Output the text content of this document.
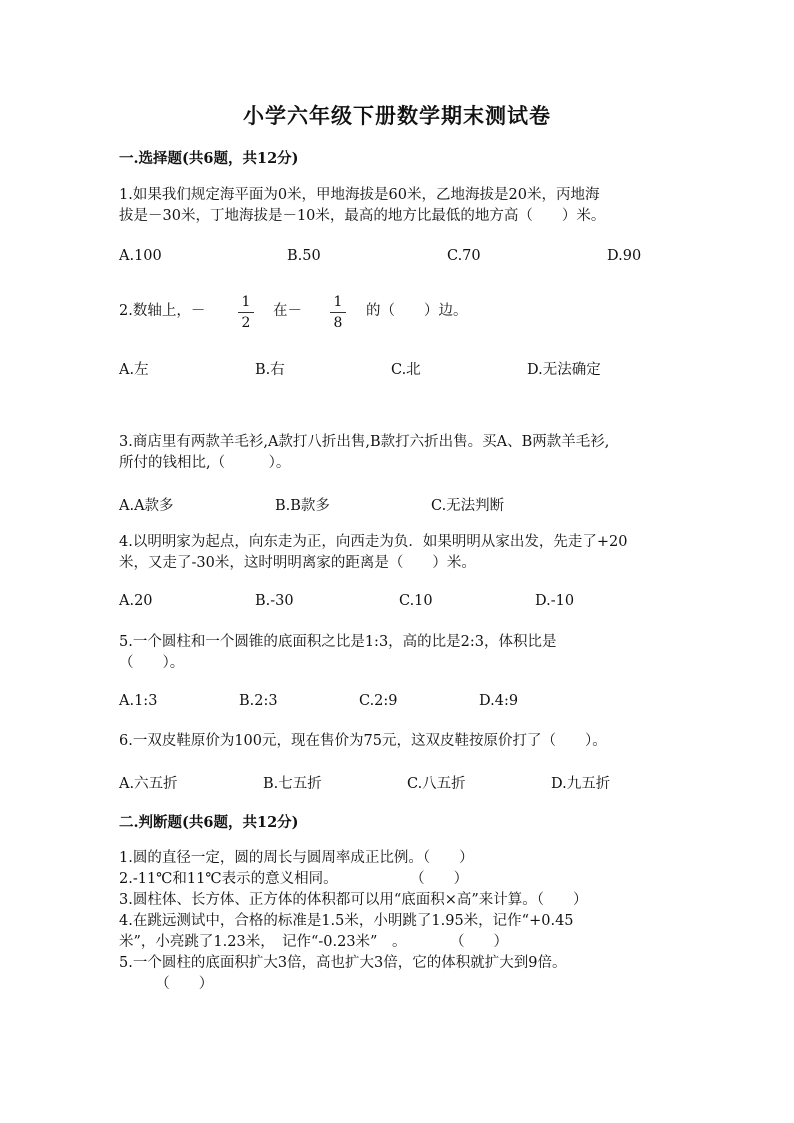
小学六年级下册数学期末测试卷
一.选择题(共6题，共12分)
1.如果我们规定海平面为0米，甲地海拔是60米，乙地海拔是20米，丙地海
拔是－30米，丁地海拔是－10米，最高的地方比最低的地方高（　　）米。
A.100	B.50	C.70	D.90
2.数轴上，－
1
2
在－
1
8
的（　　）边。
A.左	B.右	C.北	D.无法确定
3.商店里有两款羊毛衫,A款打八折出售,B款打六折出售。买A、B两款羊毛衫,
所付的钱相比,（　　　）。
A.A款多	B.B款多	C.无法判断
4.以明明家为起点，向东走为正，向西走为负．如果明明从家出发，先走了+20
米，又走了-30米，这时明明离家的距离是（　　）米。
A.20	B.-30	C.10	D.-10
5.一个圆柱和一个圆锥的底面积之比是1:3，高的比是2:3，体积比是
（　　）。
A.1:3	B.2:3	C.2:9	D.4:9
6.一双皮鞋原价为100元，现在售价为75元，这双皮鞋按原价打了（　　）。
A.六五折	B.七五折	C.八五折	D.九五折
二.判断题(共6题，共12分)
1.圆的直径一定，圆的周长与圆周率成正比例。（　　）
2.-11℃和11℃表示的意义相同。　　　　　　（　　）
3.圆柱体、长方体、正方体的体积都可以用“底面积×高”来计算。（　　）
4.在跳远测试中，合格的标准是1.5米，小明跳了1.95米，记作“+0.45
米”，小亮跳了1.23米，　记作“-0.23米”　。　　　　（　　）
5.一个圆柱的底面积扩大3倍，高也扩大3倍，它的体积就扩大到9倍。
　　　（　　）
